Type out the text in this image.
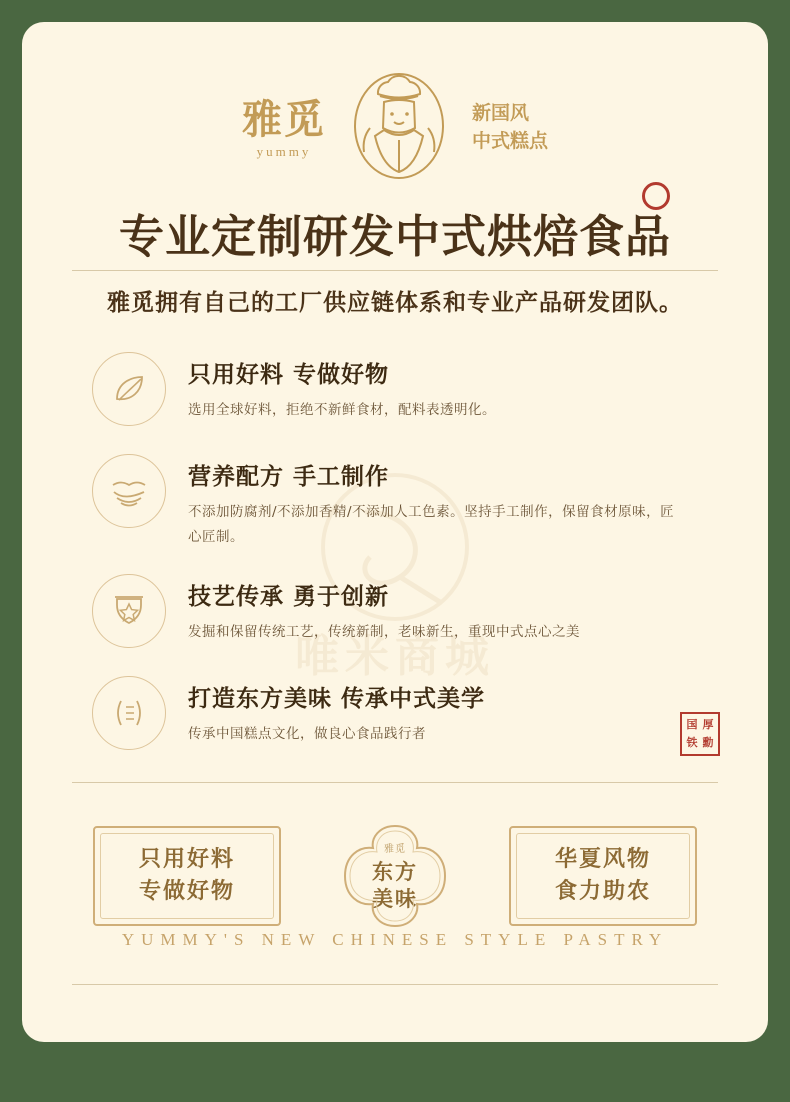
唯米商城
雅觅
yummy
新国风
中式糕点
专业定制研发中式烘焙食品
雅觅拥有自己的工厂供应链体系和专业产品研发团队。
只用好料 专做好物
选用全球好料，拒绝不新鲜食材，配料表透明化。
营养配方 手工制作
不添加防腐剂/不添加香精/不添加人工色素。坚持手工制作，保留食材原味，匠心匠制。
技艺传承 勇于创新
发掘和保留传统工艺，传统新制，老味新生，重现中式点心之美
打造东方美味 传承中式美学
传承中国糕点文化，做良心食品践行者
国 厚
铁 勳
只用好料
专做好物
雅觅
东方
美味
华夏风物
食力助农
YUMMY'S NEW CHINESE STYLE PASTRY
